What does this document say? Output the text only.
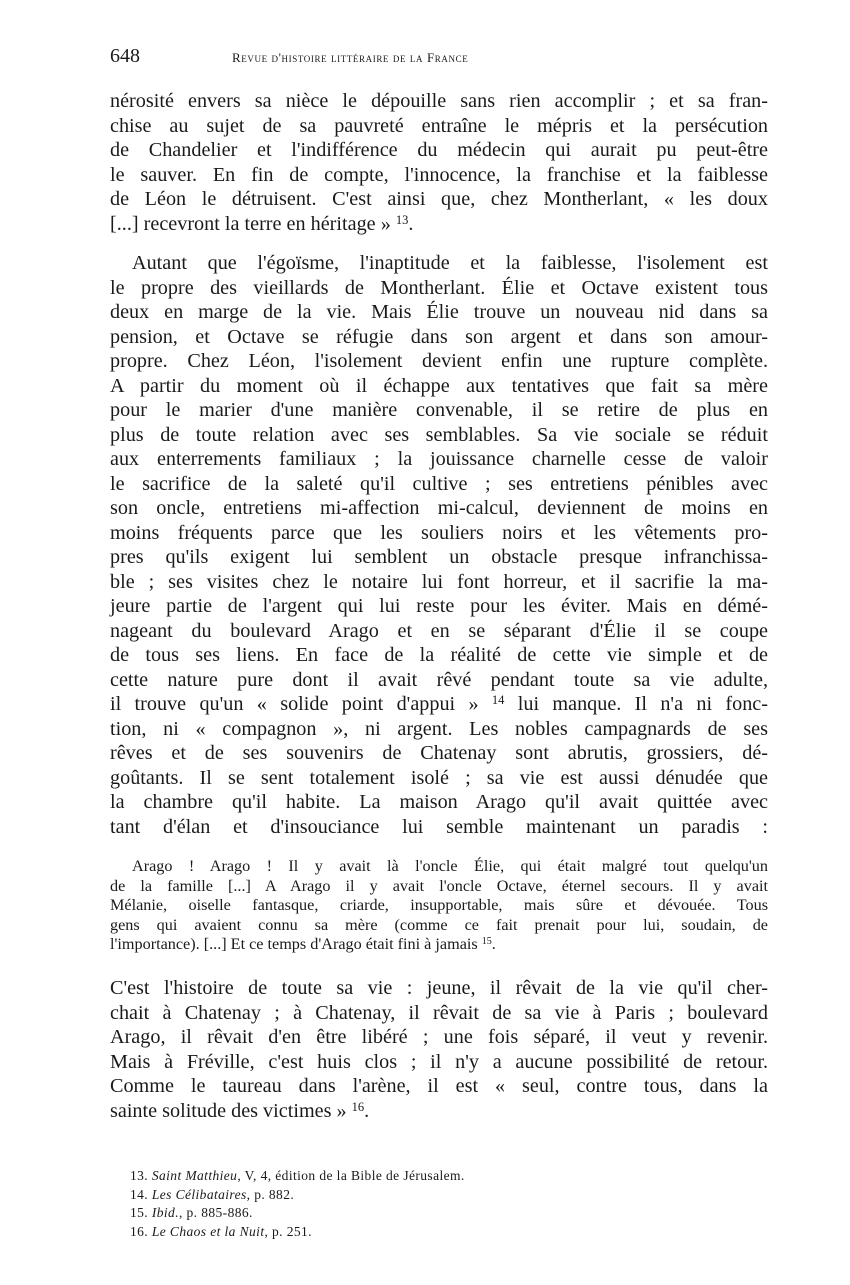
648	Revue d'histoire littéraire de la France
nérosité envers sa nièce le dépouille sans rien accomplir ; et sa fran-
chise au sujet de sa pauvreté entraîne le mépris et la persécution
de Chandelier et l'indifférence du médecin qui aurait pu peut-être
le sauver. En fin de compte, l'innocence, la franchise et la faiblesse
de Léon le détruisent. C'est ainsi que, chez Montherlant, « les doux
[...] recevront la terre en héritage » $^{13}$.
Autant que l'égoïsme, l'inaptitude et la faiblesse, l'isolement est
le propre des vieillards de Montherlant. Élie et Octave existent tous
deux en marge de la vie. Mais Élie trouve un nouveau nid dans sa
pension, et Octave se réfugie dans son argent et dans son amour-
propre. Chez Léon, l'isolement devient enfin une rupture complète.
A partir du moment où il échappe aux tentatives que fait sa mère
pour le marier d'une manière convenable, il se retire de plus en
plus de toute relation avec ses semblables. Sa vie sociale se réduit
aux enterrements familiaux ; la jouissance charnelle cesse de valoir
le sacrifice de la saleté qu'il cultive ; ses entretiens pénibles avec
son oncle, entretiens mi-affection mi-calcul, deviennent de moins en
moins fréquents parce que les souliers noirs et les vêtements pro-
pres qu'ils exigent lui semblent un obstacle presque infranchissa-
ble ; ses visites chez le notaire lui font horreur, et il sacrifie la ma-
jeure partie de l'argent qui lui reste pour les éviter. Mais en démé-
nageant du boulevard Arago et en se séparant d'Élie il se coupe
de tous ses liens. En face de la réalité de cette vie simple et de
cette nature pure dont il avait rêvé pendant toute sa vie adulte,
il trouve qu'un « solide point d'appui » $^{14}$ lui manque. Il n'a ni fonc-
tion, ni « compagnon », ni argent. Les nobles campagnards de ses
rêves et de ses souvenirs de Chatenay sont abrutis, grossiers, dé-
goûtants. Il se sent totalement isolé ; sa vie est aussi dénudée que
la chambre qu'il habite. La maison Arago qu'il avait quittée avec
tant d'élan et d'insouciance lui semble maintenant un paradis :
Arago ! Arago ! Il y avait là l'oncle Élie, qui était malgré tout quelqu'un
de la famille [...] A Arago il y avait l'oncle Octave, éternel secours. Il y avait
Mélanie, oiselle fantasque, criarde, insupportable, mais sûre et dévouée. Tous
gens qui avaient connu sa mère (comme ce fait prenait pour lui, soudain, de
l'importance). [...] Et ce temps d'Arago était fini à jamais $^{15}$.
C'est l'histoire de toute sa vie : jeune, il rêvait de la vie qu'il cher-
chait à Chatenay ; à Chatenay, il rêvait de sa vie à Paris ; boulevard
Arago, il rêvait d'en être libéré ; une fois séparé, il veut y revenir.
Mais à Fréville, c'est huis clos ; il n'y a aucune possibilité de retour.
Comme le taureau dans l'arène, il est « seul, contre tous, dans la
sainte solitude des victimes » $^{16}$.
13. Saint Matthieu, V, 4, édition de la Bible de Jérusalem.
14. Les Célibataires, p. 882.
15. Ibid., p. 885-886.
16. Le Chaos et la Nuit, p. 251.
